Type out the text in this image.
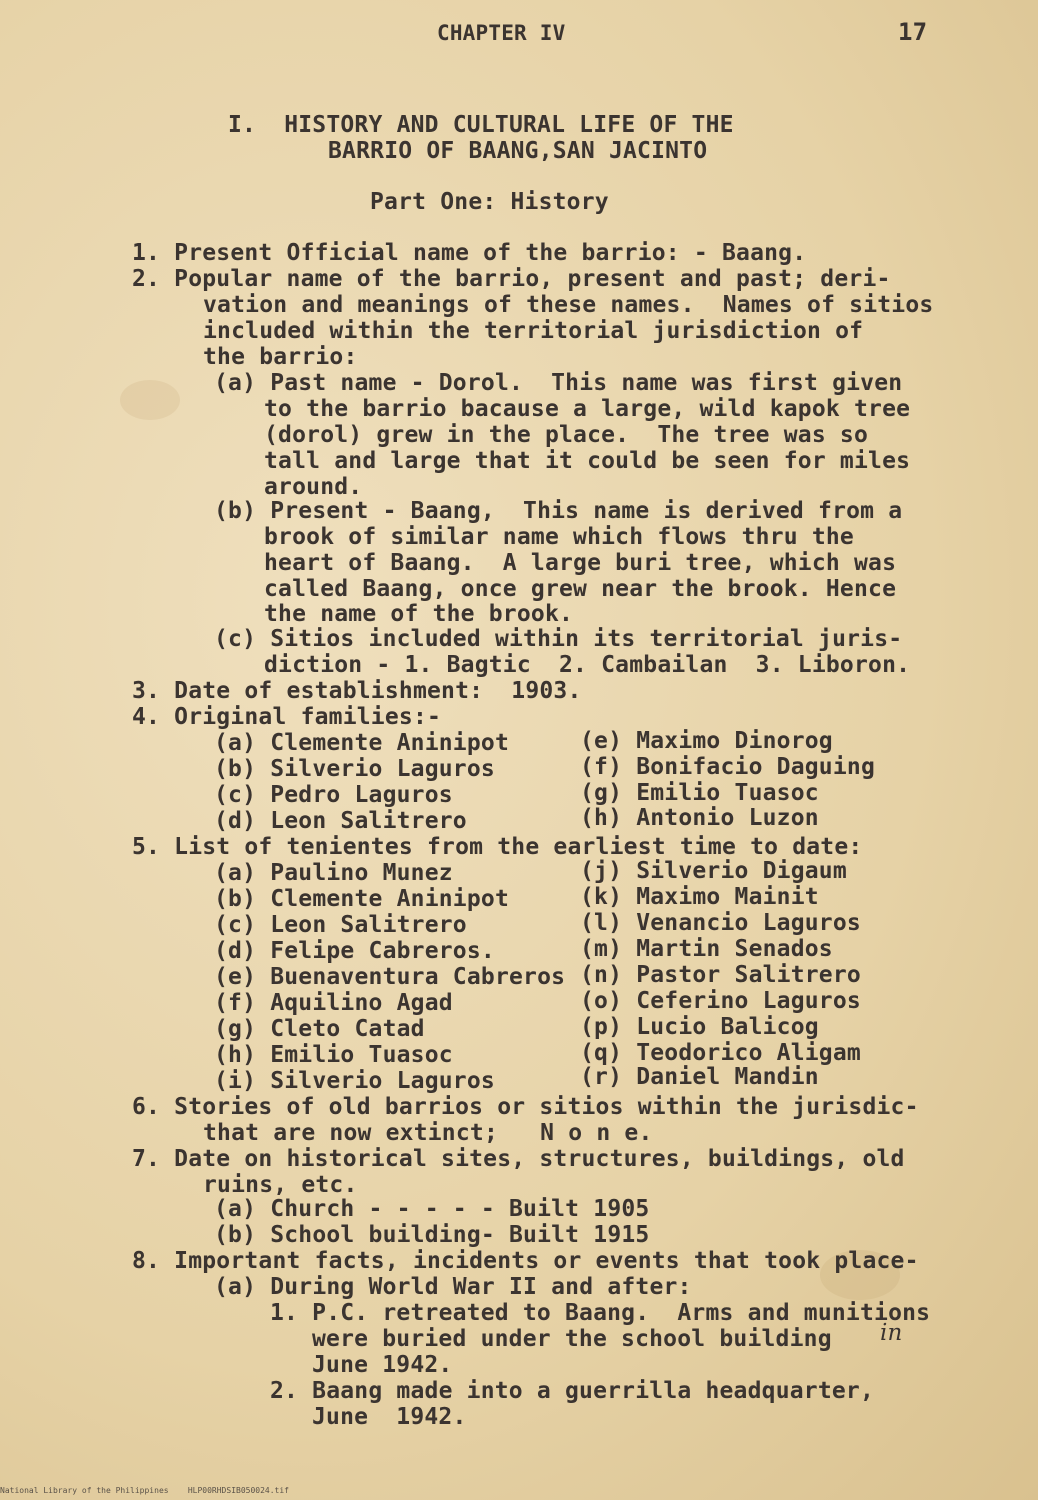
CHAPTER IV	17
I.  HISTORY AND CULTURAL LIFE OF THE
BARRIO OF BAANG,SAN JACINTO
Part One: History
1. Present Official name of the barrio: - Baang.
2. Popular name of the barrio, present and past; deri-
vation and meanings of these names.  Names of sitios
included within the territorial jurisdiction of
the barrio:
(a) Past name - Dorol.  This name was first given
to the barrio bacause a large, wild kapok tree
(dorol) grew in the place.  The tree was so
tall and large that it could be seen for miles
around.
(b) Present - Baang,  This name is derived from a
brook of similar name which flows thru the
heart of Baang.  A large buri tree, which was
called Baang, once grew near the brook. Hence
the name of the brook.
(c) Sitios included within its territorial juris-
diction - 1. Bagtic  2. Cambailan  3. Liboron.
3. Date of establishment:  1903.
4. Original families:-
(a) Clemente Aninipot
(b) Silverio Laguros
(c) Pedro Laguros
(d) Leon Salitrero
(e) Maximo Dinorog
(f) Bonifacio Daguing
(g) Emilio Tuasoc
(h) Antonio Luzon
5. List of tenientes from the earliest time to date:
(a) Paulino Munez
(b) Clemente Aninipot
(c) Leon Salitrero
(d) Felipe Cabreros.
(e) Buenaventura Cabreros
(f) Aquilino Agad
(g) Cleto Catad
(h) Emilio Tuasoc
(i) Silverio Laguros
(j) Silverio Digaum
(k) Maximo Mainit
(l) Venancio Laguros
(m) Martin Senados
(n) Pastor Salitrero
(o) Ceferino Laguros
(p) Lucio Balicog
(q) Teodorico Aligam
(r) Daniel Mandin
6. Stories of old barrios or sitios within the jurisdic-
that are now extinct;   N o n e.
7. Date on historical sites, structures, buildings, old
ruins, etc.
(a) Church - - - - - Built 1905
(b) School building- Built 1915
8. Important facts, incidents or events that took place-
(a) During World War II and after:
1. P.C. retreated to Baang.  Arms and munitions
were buried under the school building in
June 1942.
2. Baang made into a guerrilla headquarter,
June  1942.
National Library of the Philippines    HLP00RHDSIB050024.tif
